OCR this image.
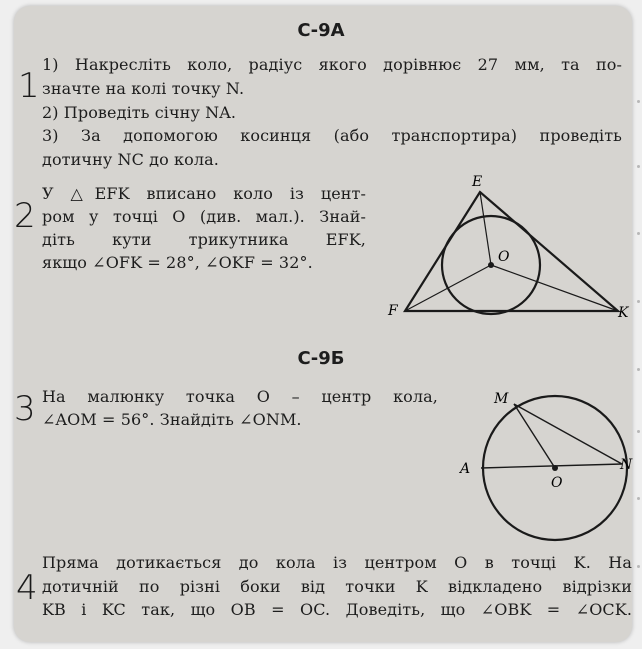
С-9А
1
1) Накресліть коло, радіус якого дорівнює 27 мм, та по-
значте на колі точку N.
2) Проведіть січну NA.
3) За допомогою косинця (або транспортира) проведіть
дотичну NC до кола.
2
У △EFK вписано коло із цент-
ром у точці O (див. мал.). Знай-
діть кути трикутника EFK,
якщо ∠OFK = 28°, ∠OKF = 32°.
E
O
F	K
С-9Б
3 На малюнку точка O – центр кола,
∠AOM = 56°. Знайдіть ∠ONM.
M
A	N
O
4
Пряма дотикається до кола із центром O в точці K. На
дотичній по різні боки від точки K відкладено відрізки
KB і KC так, що OB = OC. Доведіть, що ∠OBK = ∠OCK.
